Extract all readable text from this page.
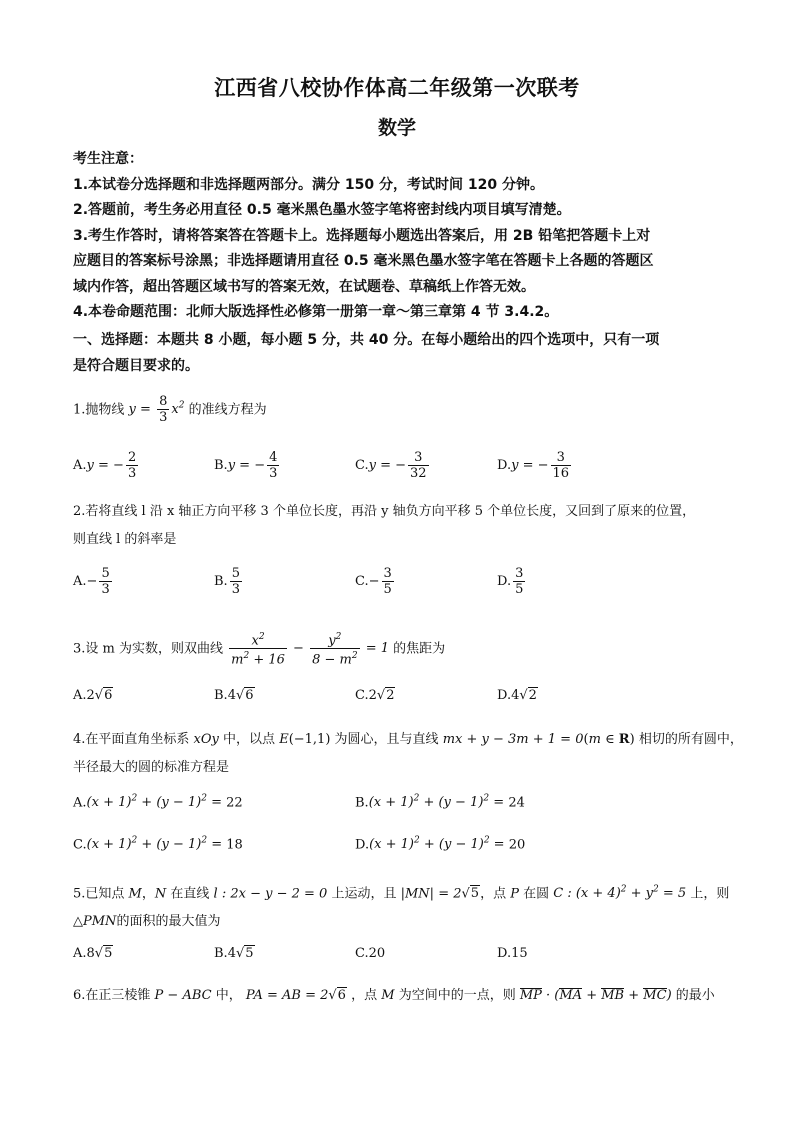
江西省八校协作体高二年级第一次联考
数学
考生注意：
1.本试卷分选择题和非选择题两部分。满分 150 分，考试时间 120 分钟。
2.答题前，考生务必用直径 0.5 毫米黑色墨水签字笔将密封线内项目填写清楚。
3.考生作答时，请将答案答在答题卡上。选择题每小题选出答案后，用 2B 铅笔把答题卡上对
应题目的答案标号涂黑；非选择题请用直径 0.5 毫米黑色墨水签字笔在答题卡上各题的答题区
域内作答，超出答题区域书写的答案无效，在试题卷、草稿纸上作答无效。
4.本卷命题范围：北师大版选择性必修第一册第一章～第三章第 4 节 3.4.2。
一、选择题：本题共 8 小题，每小题 5 分，共 40 分。在每小题给出的四个选项中，只有一项
是符合题目要求的。
1.抛物线 $y = \frac{8}{3} x^2$ 的准线方程为
A.y = − $\frac{2}{3}$	B.y = − $\frac{4}{3}$	C.y = − $\frac{3}{32}$	D.y = − $\frac{3}{16}$
2.若将直线 l 沿 x 轴正方向平移 3 个单位长度，再沿 y 轴负方向平移 5 个单位长度，又回到了原来的位置，
则直线 l 的斜率是
$A.- \frac{5}{3}$	B. $\frac{5}{3}$	$C.- \frac{3}{5}$	D. $\frac{3}{5}$
3.设 m 为实数，则双曲线 $\frac{x^2}{m^2 + 16} - \frac{y^2}{8 - m^2} = 1$ 的焦距为
A.2√6	B.4√6	C.2√2	D.4√2
4.在平面直角坐标系 xOy 中，以点 E(−1,1) 为圆心，且与直线 mx + y − 3m + 1 = 0(m ∈ R) 相切的所有圆中，
半径最大的圆的标准方程是
$A.(x + 1)^2 + (y - 1)^2 = 22$	$B.(x + 1)^2 + (y - 1)^2 = 24$
$C.(x + 1)^2 + (y - 1)^2 = 18$	$D.(x + 1)^2 + (y - 1)^2 = 20$
5.已知点 M，N 在直线 l : 2x − y − 2 = 0 上运动，且 |MN| = 2√5，点 P 在圆 C : $(x + 4)^2 + y^2 = 5$ 上，则
△PMN的面积的最大值为
A.8√5	B.4√5	C.20	D.15
6.在正三棱锥 P − ABC 中， PA = AB = 2√6 ，点 M 为空间中的一点，则 MP · (MA + MB + MC) 的最小
